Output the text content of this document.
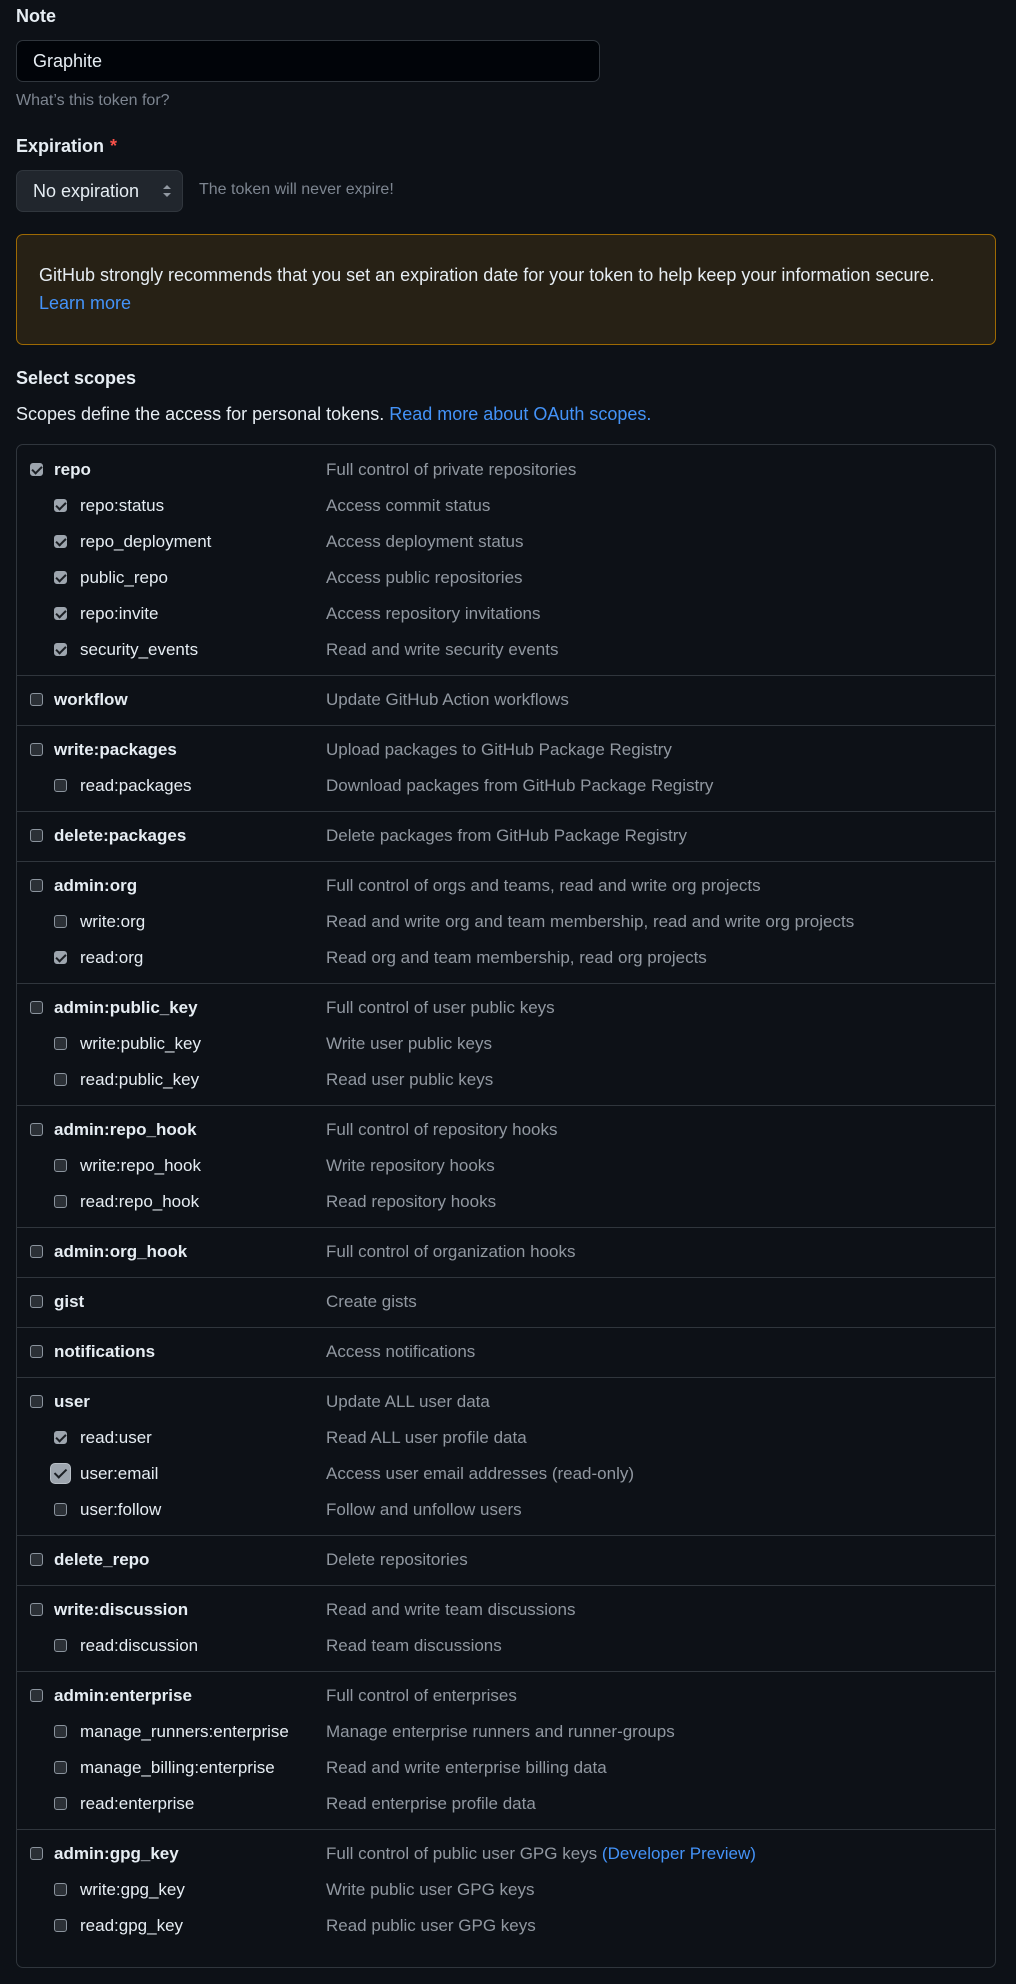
Note
Graphite
What’s this token for?
Expiration *
No expiration	The token will never expire!
GitHub strongly recommends that you set an expiration date for your token to help keep your information secure. Learn more
Select scopes
Scopes define the access for personal tokens. Read more about OAuth scopes.
repo	Full control of private repositories
repo:status	Access commit status
repo_deployment	Access deployment status
public_repo	Access public repositories
repo:invite	Access repository invitations
security_events	Read and write security events
workflow	Update GitHub Action workflows
write:packages	Upload packages to GitHub Package Registry
read:packages	Download packages from GitHub Package Registry
delete:packages	Delete packages from GitHub Package Registry
admin:org	Full control of orgs and teams, read and write org projects
write:org	Read and write org and team membership, read and write org projects
read:org	Read org and team membership, read org projects
admin:public_key	Full control of user public keys
write:public_key	Write user public keys
read:public_key	Read user public keys
admin:repo_hook	Full control of repository hooks
write:repo_hook	Write repository hooks
read:repo_hook	Read repository hooks
admin:org_hook	Full control of organization hooks
gist	Create gists
notifications	Access notifications
user	Update ALL user data
read:user	Read ALL user profile data
user:email	Access user email addresses (read-only)
user:follow	Follow and unfollow users
delete_repo	Delete repositories
write:discussion	Read and write team discussions
read:discussion	Read team discussions
admin:enterprise	Full control of enterprises
manage_runners:enterprise Manage enterprise runners and runner-groups
manage_billing:enterprise	Read and write enterprise billing data
read:enterprise	Read enterprise profile data
admin:gpg_key	Full control of public user GPG keys (Developer Preview)
write:gpg_key	Write public user GPG keys
read:gpg_key	Read public user GPG keys
